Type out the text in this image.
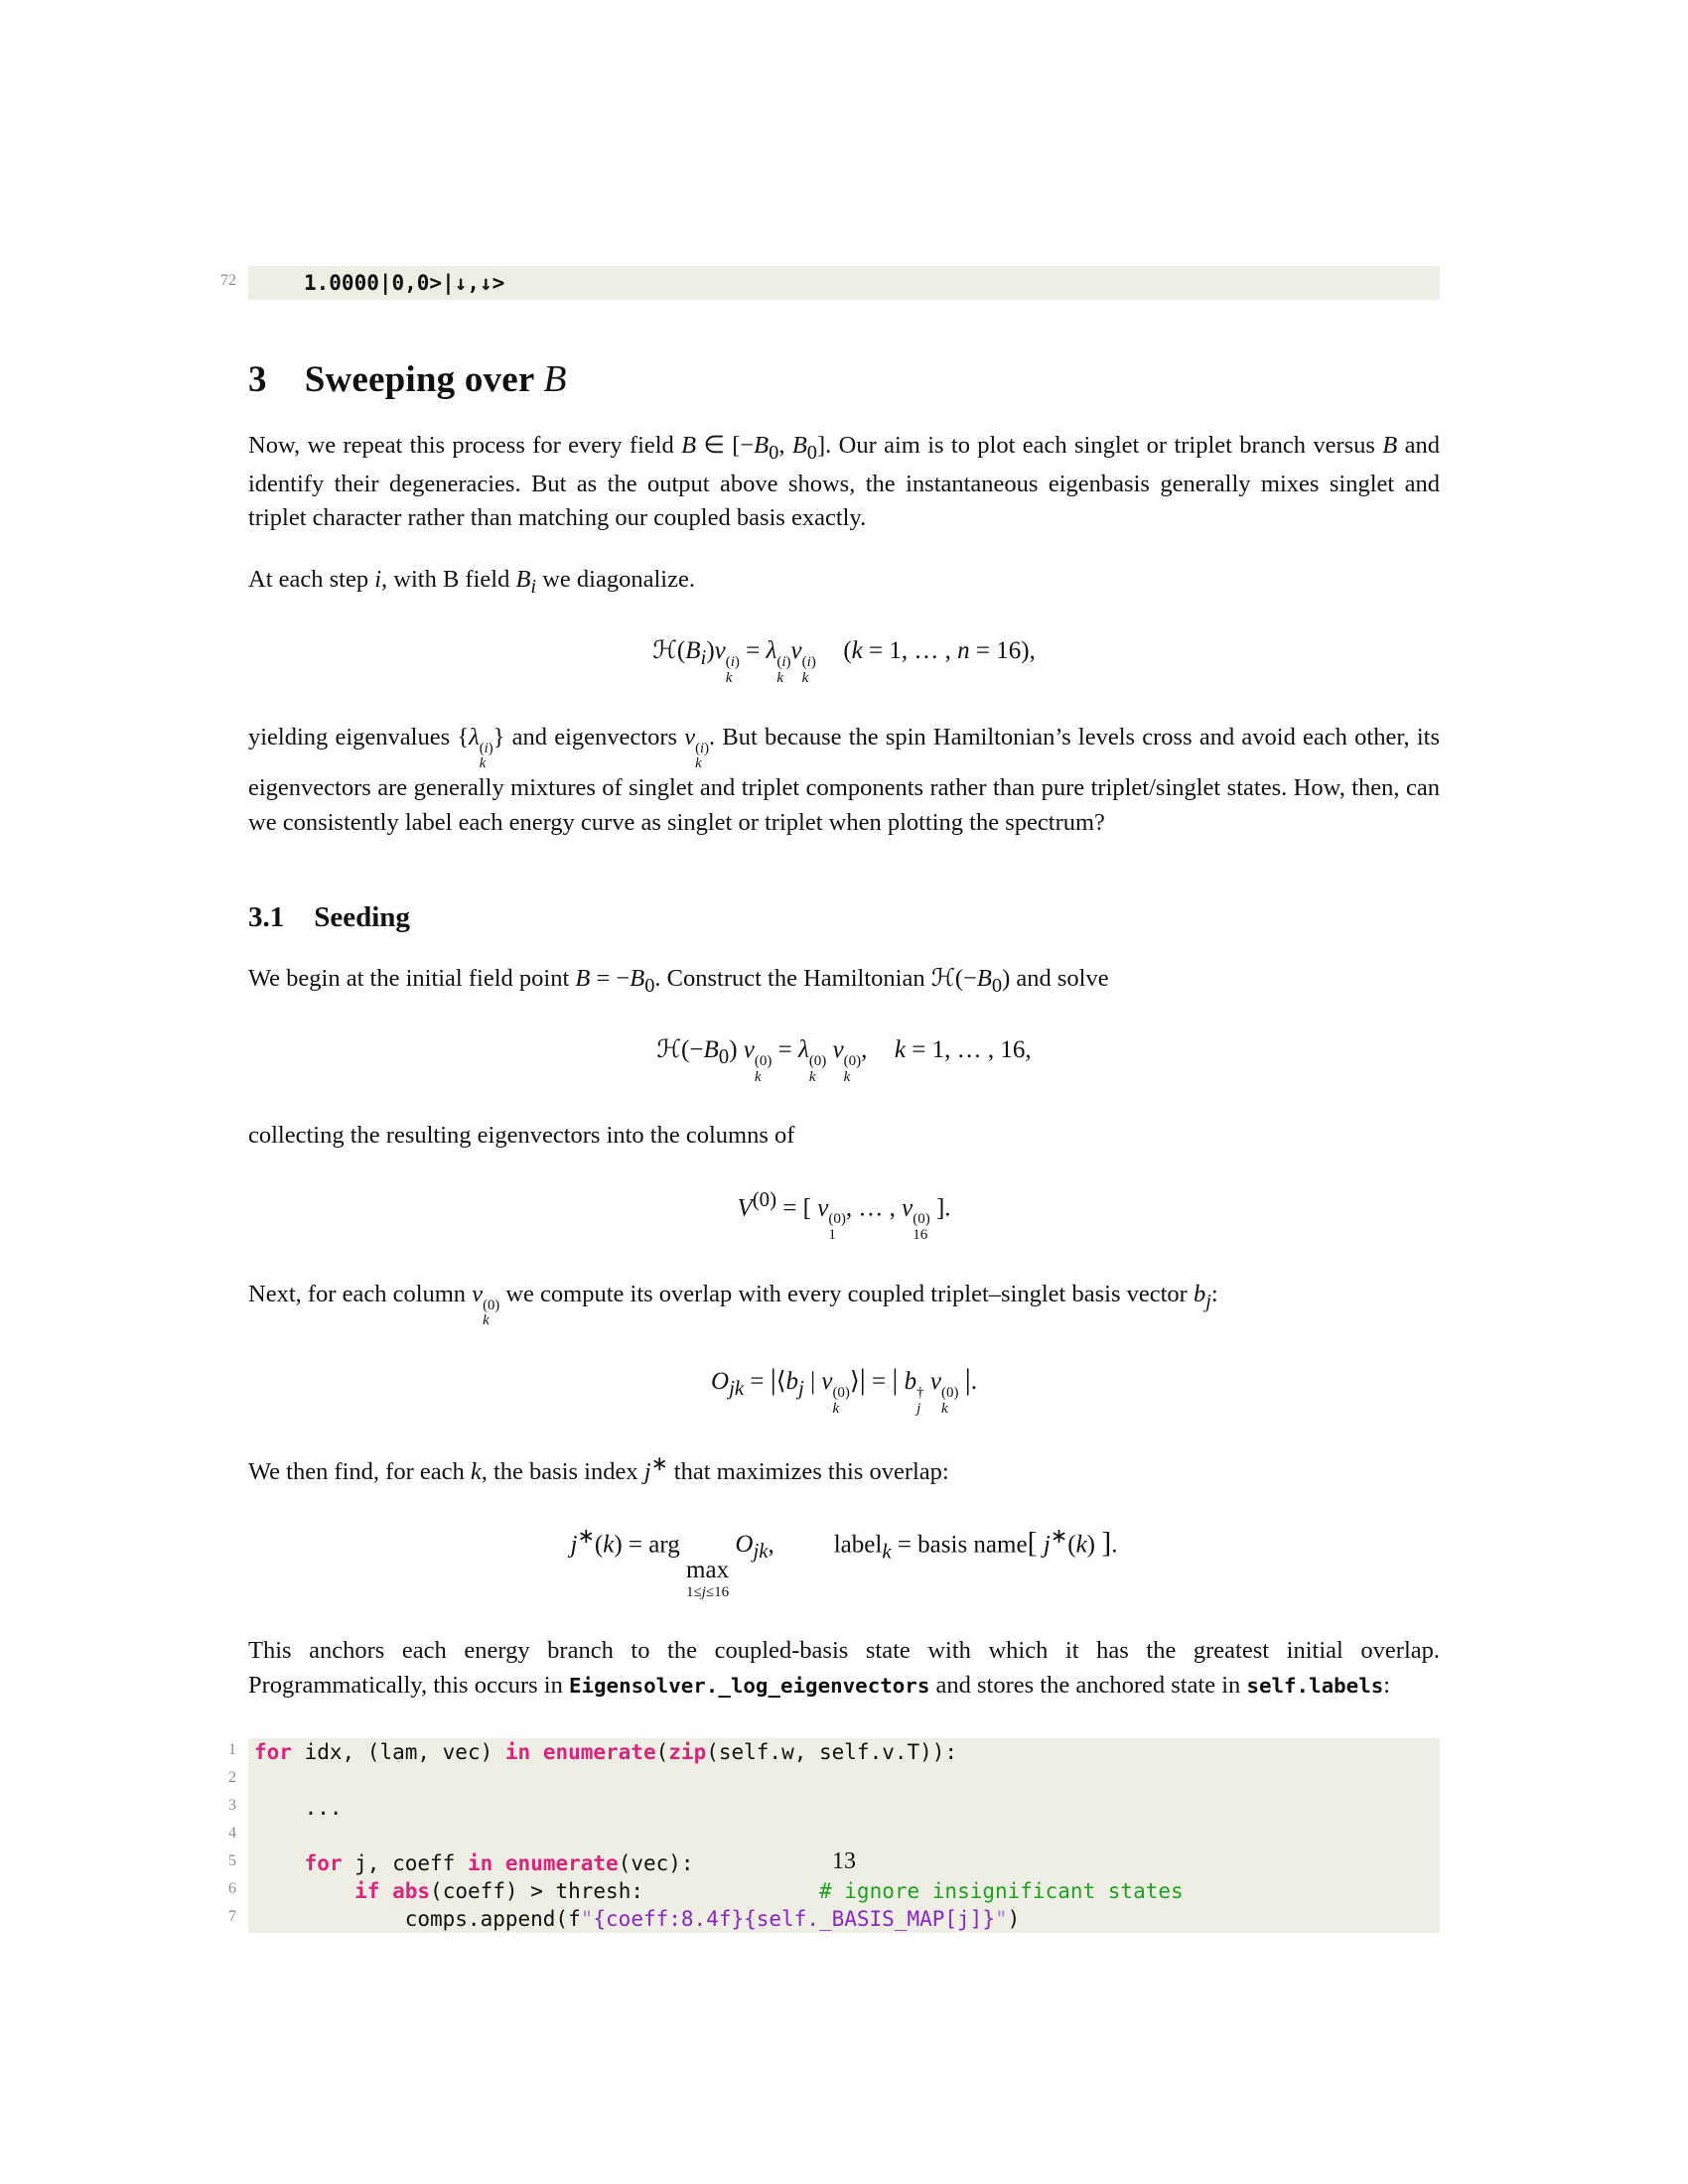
72	1.0000|0,0>|↓,↓>
3 Sweeping over B

Now, we repeat this process for every field B ∈ [$-B_0$, $B_0$]. Our aim is to plot each singlet or triplet branch versus B and identify their degeneracies. But as the output above shows, the instantaneous eigenbasis generally mixes singlet and triplet character rather than matching our coupled basis exactly.

At each step i, with B field $B_i$ we diagonalize.

$ℋ(B_i)v$ (i)
k
= λ (i)
k
v (i)
k
(k = 1, … , n = 16),

yielding eigenvalues {λ (i)
k
} and eigenvectors v (i)
k
. But because the spin Hamiltonian’s levels cross and avoid each other, its eigenvectors are generally mixtures of singlet and triplet components rather than pure triplet/singlet states. How, then, can we consistently label each energy curve as singlet or triplet when plotting the spectrum?

3.1 Seeding

We begin at the initial field point $B = -B_0$. Construct the Hamiltonian $ℋ(-B_0)$ and solve

$ℋ(-B_0)$ v (0)
k
= λ (0)
k
v (0)
k
, k = 1, … , 16,

collecting the resulting eigenvectors into the columns of

$V^{(0)}$ = [ v (0)
1
, … , v (0)
16
].

Next, for each column v (0)
k
we compute its overlap with every coupled triplet–singlet basis vector $b_j$:

$O_{jk}$ = $|⟨b_j$ | v (0)
k
⟩| = | b †
j
v (0)
k
|.

We then find, for each k, the basis index j∗ that maximizes this overlap:

j∗(k) = arg
max
1≤j≤16
$O_{jk}$, label$_k$ = basis name[ j∗(k) ].

This anchors each energy branch to the coupled-basis state with which it has the greatest initial overlap. Programmatically, this occurs in Eigensolver._log_eigenvectors and stores the anchored state in self.labels:

1 for idx, (lam, vec) in enumerate(zip(self.w, self.v.T)):
2
3 ...
4
5	for j, coeff in enumerate(vec):
6	if abs(coeff) > thresh:	# ignore insignificant states
7 comps.append(f"{coeff:8.4f}{self._BASIS_MAP[j]}")
13
